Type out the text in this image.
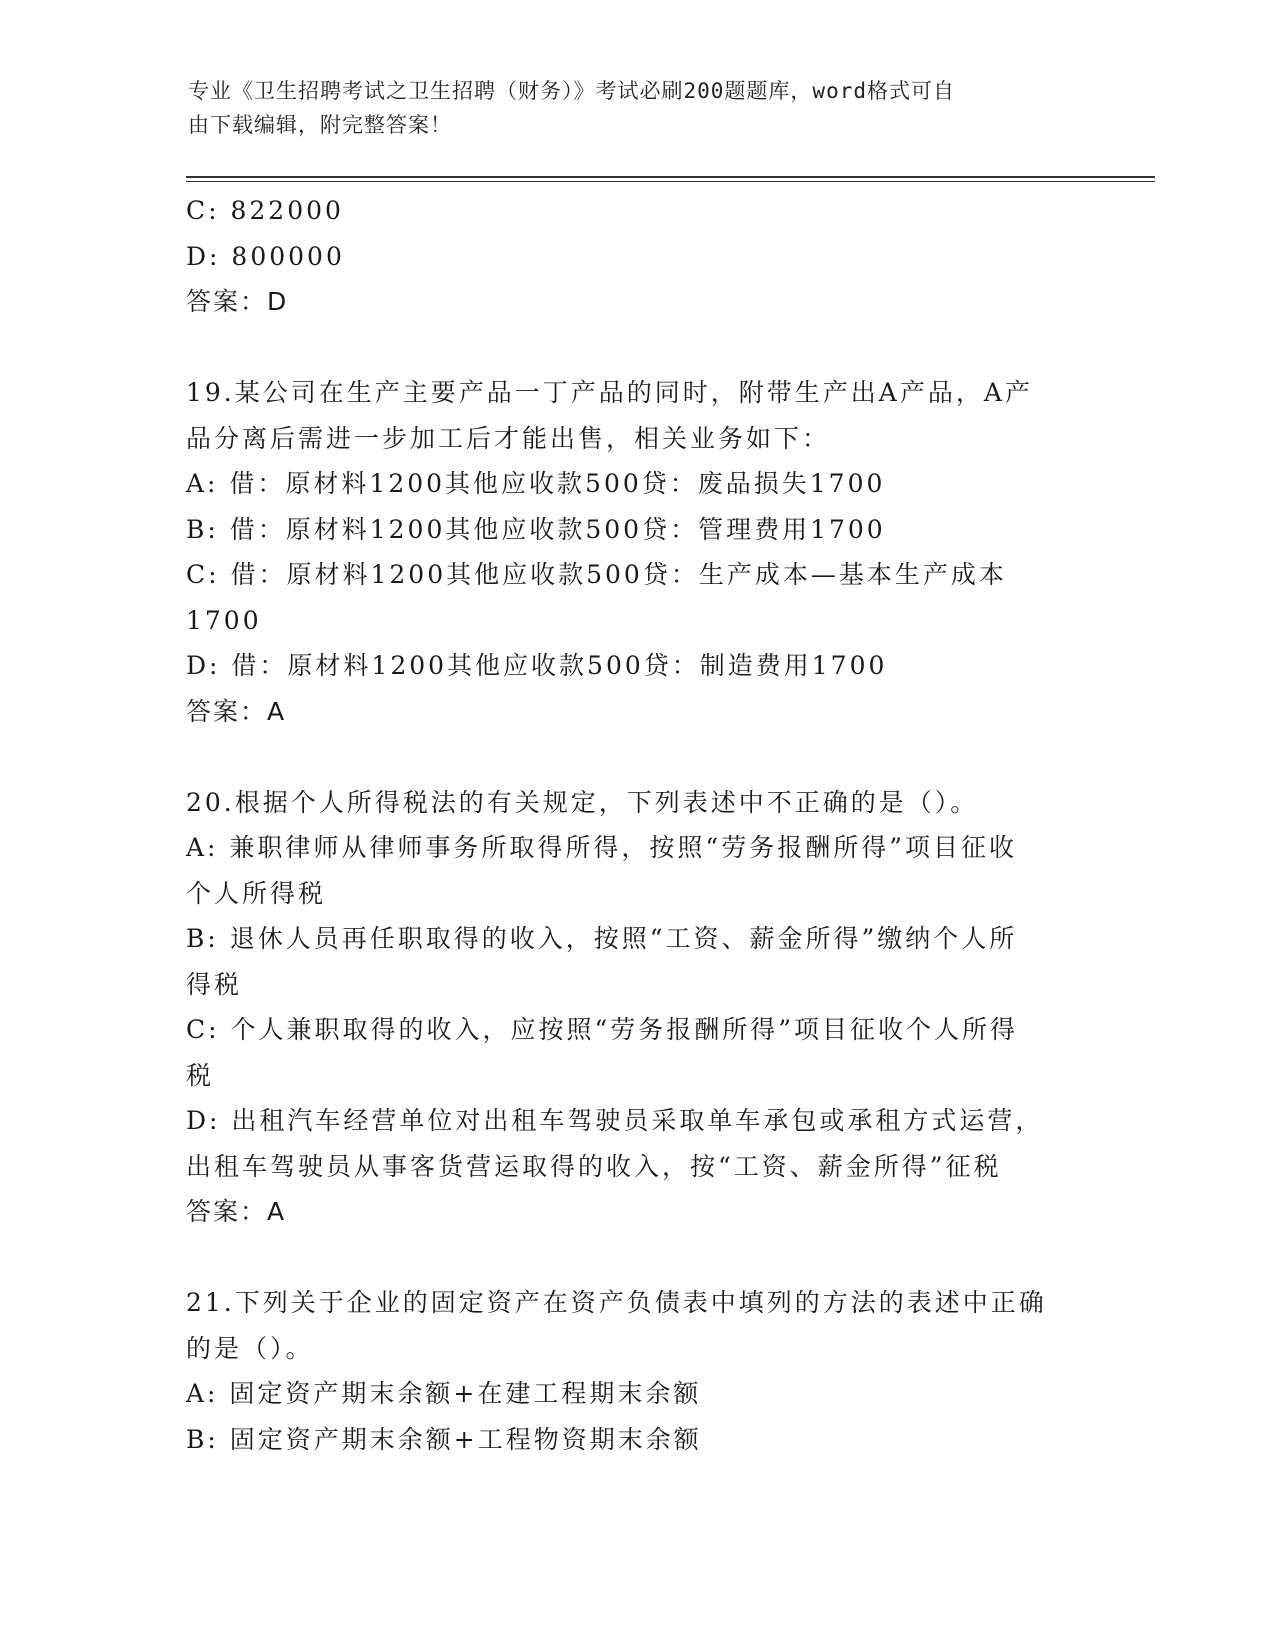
专业《卫生招聘考试之卫生招聘（财务）》考试必刷200题题库，word格式可自
由下载编辑，附完整答案！
C: 822000
D: 800000
答案：D
19.某公司在生产主要产品一丁产品的同时，附带生产出A产品，A产
品分离后需进一步加工后才能出售，相关业务如下：
A: 借：原材料1200其他应收款500贷：废品损失1700
B: 借：原材料1200其他应收款500贷：管理费用1700
C: 借：原材料1200其他应收款500贷：生产成本—基本生产成本
1700
D: 借：原材料1200其他应收款500贷：制造费用1700
答案：A
20.根据个人所得税法的有关规定，下列表述中不正确的是（）。
A: 兼职律师从律师事务所取得所得，按照“劳务报酬所得”项目征收
个人所得税
B: 退休人员再任职取得的收入，按照“工资、薪金所得”缴纳个人所
得税
C: 个人兼职取得的收入，应按照“劳务报酬所得”项目征收个人所得
税
D: 出租汽车经营单位对出租车驾驶员采取单车承包或承租方式运营，
出租车驾驶员从事客货营运取得的收入，按“工资、薪金所得”征税
答案：A
21.下列关于企业的固定资产在资产负债表中填列的方法的表述中正确
的是（）。
A: 固定资产期末余额+在建工程期末余额
B: 固定资产期末余额+工程物资期末余额
